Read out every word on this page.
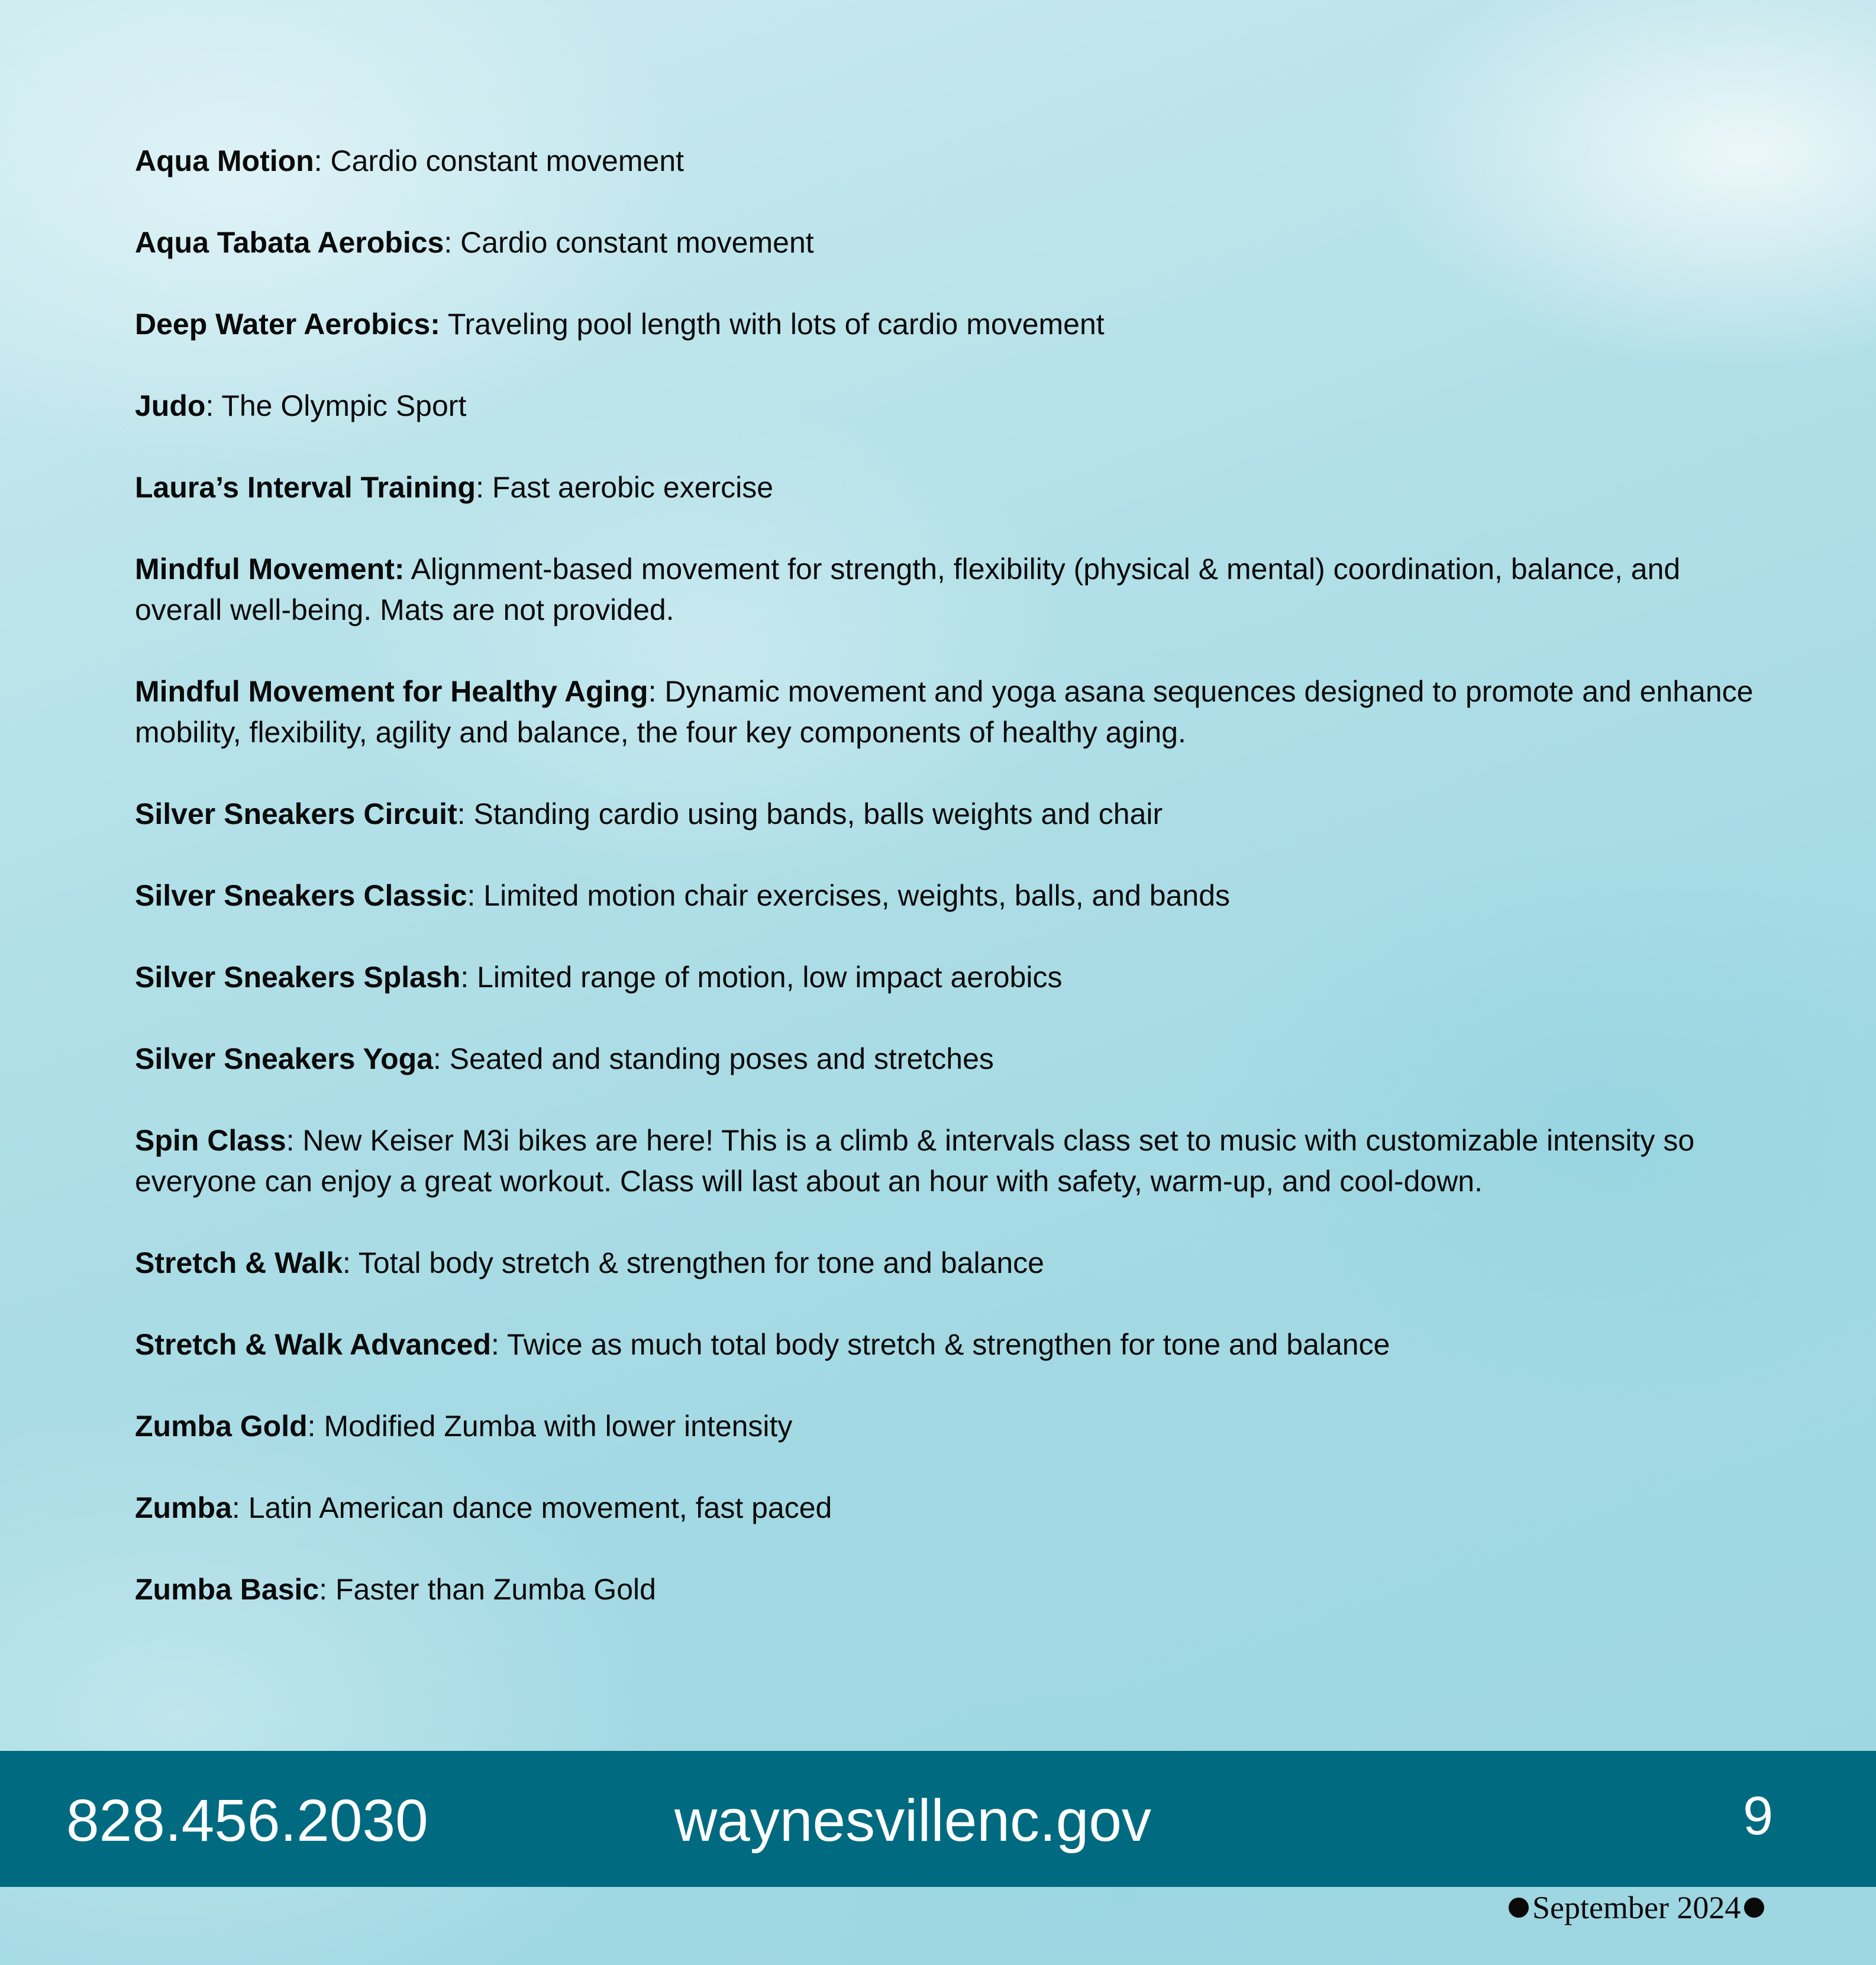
Aqua Motion: Cardio constant movement

Aqua Tabata Aerobics: Cardio constant movement

Deep Water Aerobics: Traveling pool length with lots of cardio movement

Judo: The Olympic Sport

Laura’s Interval Training: Fast aerobic exercise

Mindful Movement: Alignment-based movement for strength, flexibility (physical & mental) coordination, balance, and overall well-being. Mats are not provided.

Mindful Movement for Healthy Aging: Dynamic movement and yoga asana sequences designed to promote and enhance mobility, flexibility, agility and balance, the four key components of healthy aging.

Silver Sneakers Circuit: Standing cardio using bands, balls weights and chair

Silver Sneakers Classic: Limited motion chair exercises, weights, balls, and bands

Silver Sneakers Splash: Limited range of motion, low impact aerobics

Silver Sneakers Yoga: Seated and standing poses and stretches

Spin Class: New Keiser M3i bikes are here! This is a climb & intervals class set to music with customizable intensity so everyone can enjoy a great workout. Class will last about an hour with safety, warm-up, and cool-down.

Stretch & Walk: Total body stretch & strengthen for tone and balance

Stretch & Walk Advanced: Twice as much total body stretch & strengthen for tone and balance

Zumba Gold: Modified Zumba with lower intensity

Zumba: Latin American dance movement, fast paced

Zumba Basic: Faster than Zumba Gold

828.456.2030	waynesvillenc.gov	9
September 2024
